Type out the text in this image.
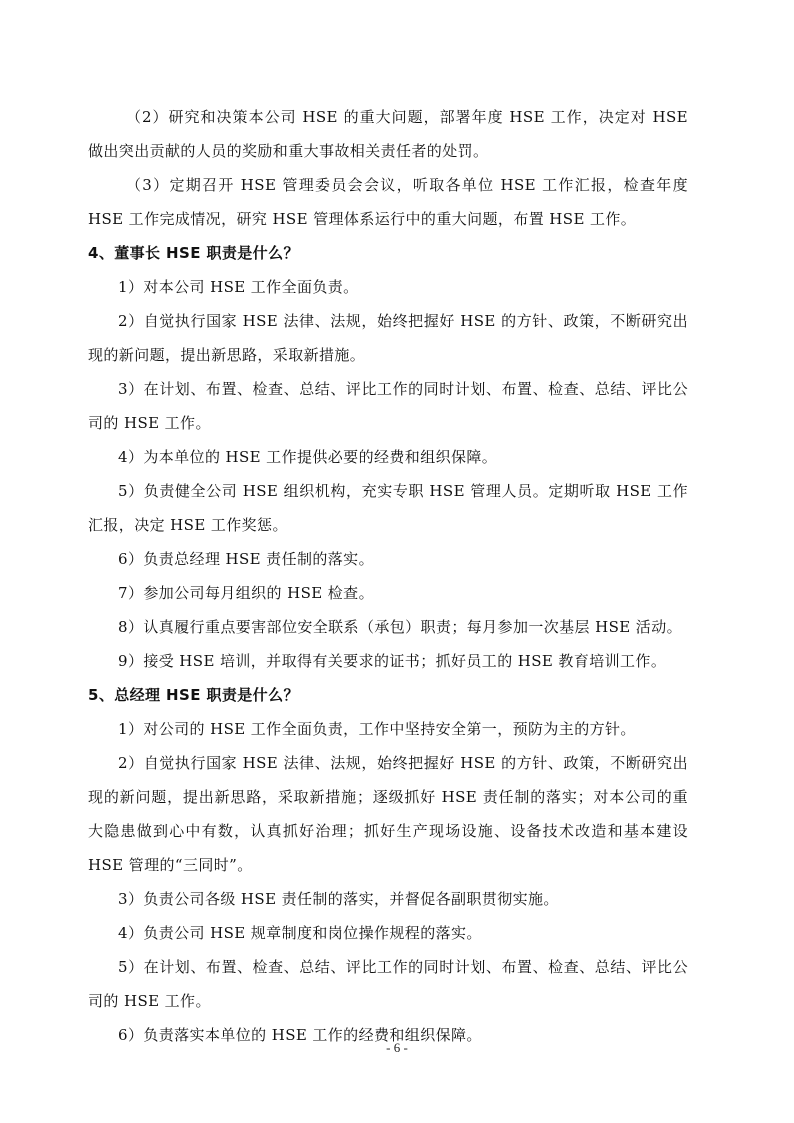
（2）研究和决策本公司 HSE 的重大问题，部署年度 HSE 工作，决定对 HSE 做出突出贡献的人员的奖励和重大事故相关责任者的处罚。

（3）定期召开 HSE 管理委员会会议，听取各单位 HSE 工作汇报，检查年度 HSE 工作完成情况，研究 HSE 管理体系运行中的重大问题，布置 HSE 工作。

4、董事长 HSE 职责是什么？

1）对本公司 HSE 工作全面负责。

2）自觉执行国家 HSE 法律、法规，始终把握好 HSE 的方针、政策，不断研究出现的新问题，提出新思路，采取新措施。

3）在计划、布置、检查、总结、评比工作的同时计划、布置、检查、总结、评比公司的 HSE 工作。

4）为本单位的 HSE 工作提供必要的经费和组织保障。

5）负责健全公司 HSE 组织机构，充实专职 HSE 管理人员。定期听取 HSE 工作汇报，决定 HSE 工作奖惩。

6）负责总经理 HSE 责任制的落实。

7）参加公司每月组织的 HSE 检查。

8）认真履行重点要害部位安全联系（承包）职责；每月参加一次基层 HSE 活动。

9）接受 HSE 培训，并取得有关要求的证书；抓好员工的 HSE 教育培训工作。

5、总经理 HSE 职责是什么？

1）对公司的 HSE 工作全面负责，工作中坚持安全第一，预防为主的方针。

2）自觉执行国家 HSE 法律、法规，始终把握好 HSE 的方针、政策，不断研究出现的新问题，提出新思路，采取新措施；逐级抓好 HSE 责任制的落实；对本公司的重大隐患做到心中有数，认真抓好治理；抓好生产现场设施、设备技术改造和基本建设 HSE 管理的“三同时”。

3）负责公司各级 HSE 责任制的落实，并督促各副职贯彻实施。

4）负责公司 HSE 规章制度和岗位操作规程的落实。

5）在计划、布置、检查、总结、评比工作的同时计划、布置、检查、总结、评比公司的 HSE 工作。

6）负责落实本单位的 HSE 工作的经费和组织保障。

- 6 -
